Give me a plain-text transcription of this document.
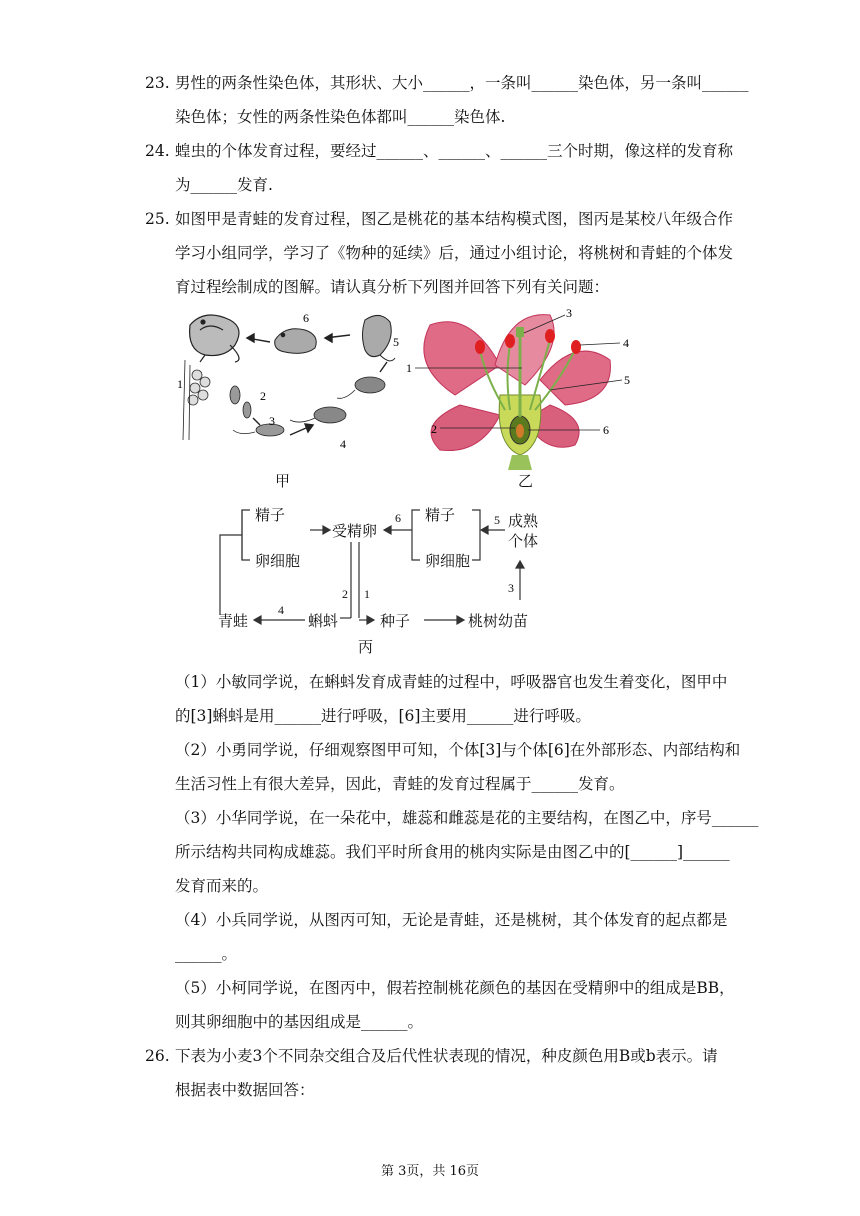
23. 男性的两条性染色体，其形状、大小______，一条叫______染色体，另一条叫______
染色体；女性的两条性染色体都叫______染色体.
24. 蝗虫的个体发育过程，要经过______、______、______三个时期，像这样的发育称
为______发育.
25. 如图甲是青蛙的发育过程，图乙是桃花的基本结构模式图，图丙是某校八年级合作
学习小组同学，学习了《物种的延续》后，通过小组讨论，将桃树和青蛙的个体发
育过程绘制成的图解。请认真分析下列图并回答下列有关问题：
1
2
3
4
5
6
甲
1
2
3
4
5
6
乙
精子
卵细胞
受精卵
精子
卵细胞
成熟
个体
青蛙	蝌蚪	种子	桃树幼苗
丙
2 1
6	5
3
4
（1）小敏同学说，在蝌蚪发育成青蛙的过程中，呼吸器官也发生着变化，图甲中
的[3]蝌蚪是用______进行呼吸，[6]主要用______进行呼吸。
（2）小勇同学说，仔细观察图甲可知，个体[3]与个体[6]在外部形态、内部结构和
生活习性上有很大差异，因此，青蛙的发育过程属于______发育。
（3）小华同学说，在一朵花中，雄蕊和雌蕊是花的主要结构，在图乙中，序号______
所示结构共同构成雄蕊。我们平时所食用的桃肉实际是由图乙中的[______]______
发育而来的。
（4）小兵同学说，从图丙可知，无论是青蛙，还是桃树，其个体发育的起点都是
______。
（5）小柯同学说，在图丙中，假若控制桃花颜色的基因在受精卵中的组成是BB，
则其卵细胞中的基因组成是______。
26. 下表为小麦3个不同杂交组合及后代性状表现的情况，种皮颜色用B或b表示。请
根据表中数据回答：
第 3页，共 16页
